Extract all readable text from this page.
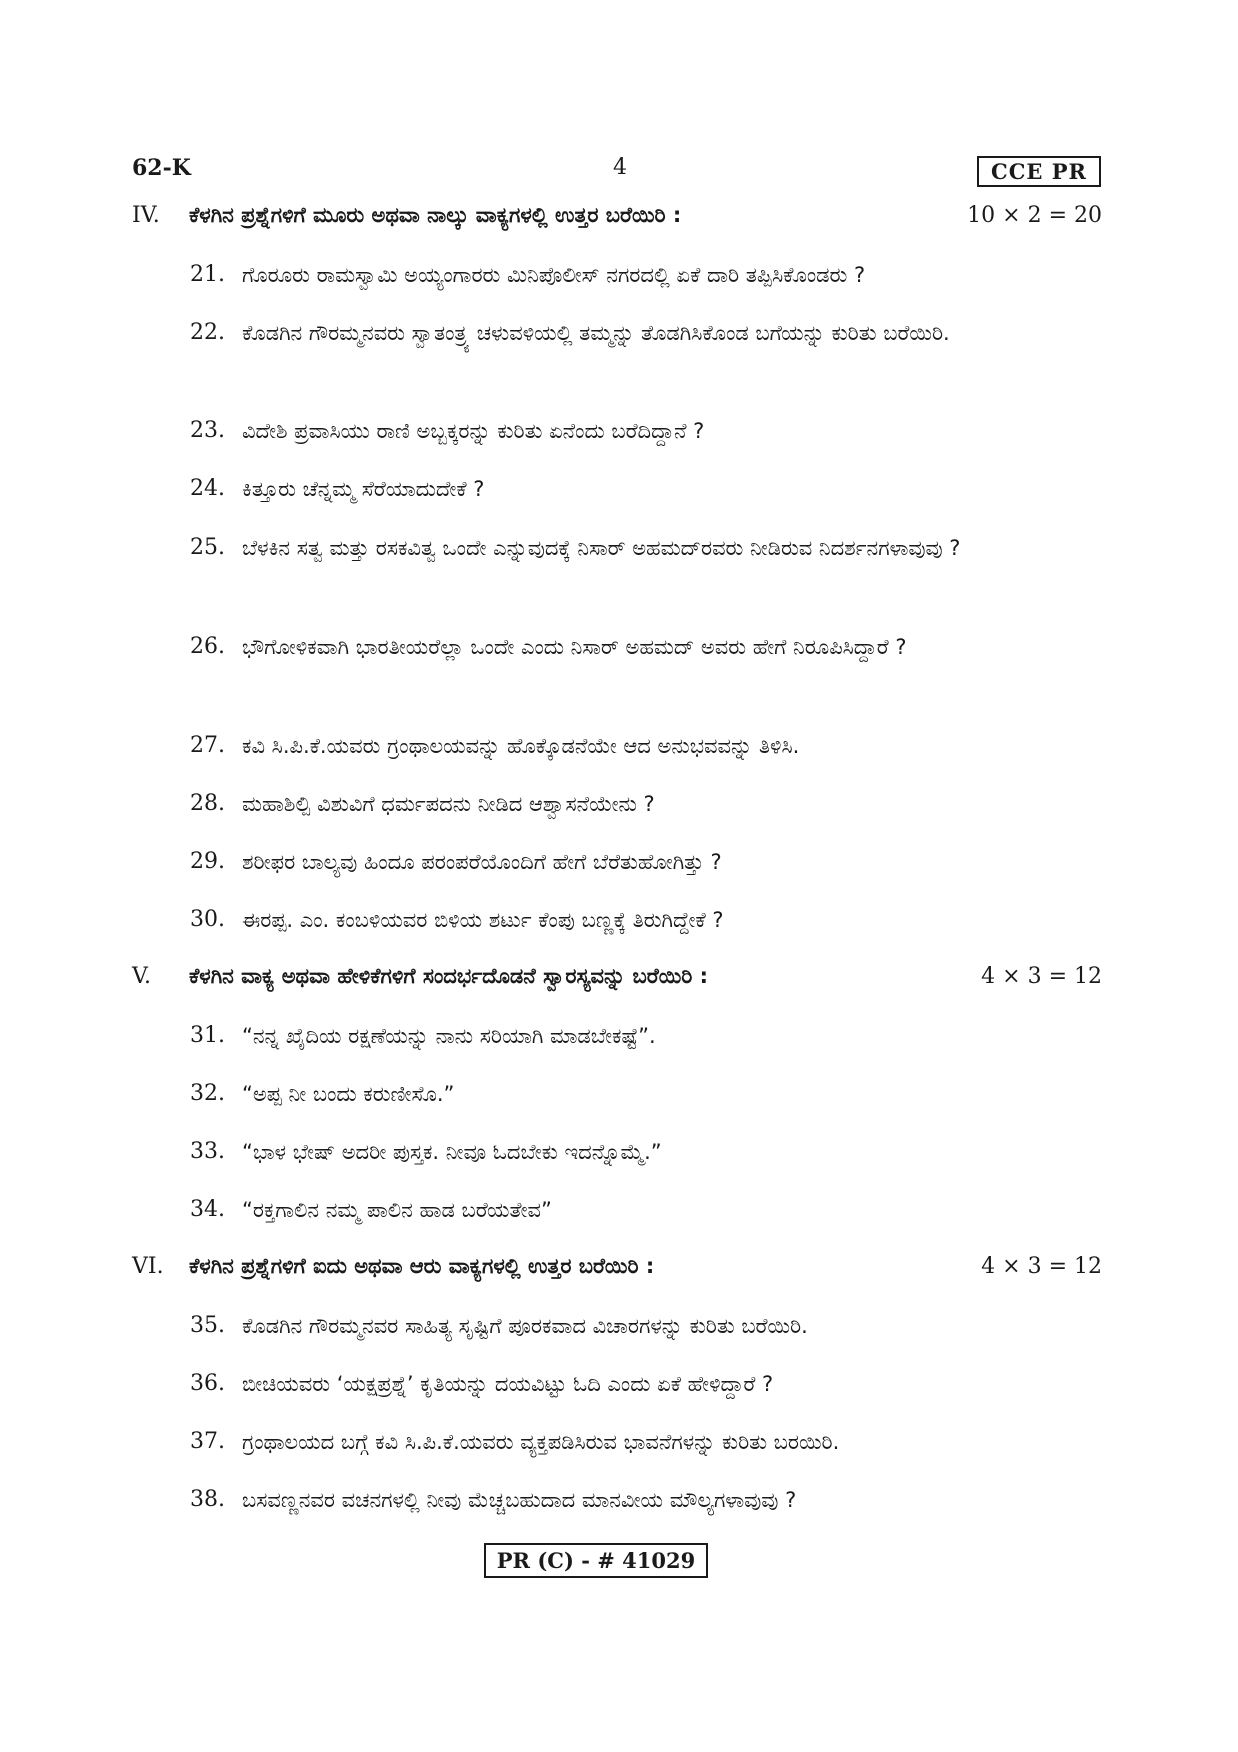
62-K	4	CCE PR
IV. ಕೆಳಗಿನ ಪ್ರಶ್ನೆಗಳಿಗೆ ಮೂರು ಅಥವಾ ನಾಲ್ಕು ವಾಕ್ಯಗಳಲ್ಲಿ ಉತ್ತರ ಬರೆಯಿರಿ :	10 × 2 = 20
21. ಗೊರೂರು ರಾಮಸ್ವಾಮಿ ಅಯ್ಯಂಗಾರರು ಮಿನಿಪೊಲೀಸ್ ನಗರದಲ್ಲಿ ಏಕೆ ದಾರಿ ತಪ್ಪಿಸಿಕೊಂಡರು ?
22. ಕೊಡಗಿನ ಗೌರಮ್ಮನವರು ಸ್ವಾತಂತ್ರ್ಯ ಚಳುವಳಿಯಲ್ಲಿ ತಮ್ಮನ್ನು ತೊಡಗಿಸಿಕೊಂಡ ಬಗೆಯನ್ನು ಕುರಿತು ಬರೆಯಿರಿ.
23. ವಿದೇಶಿ ಪ್ರವಾಸಿಯು ರಾಣಿ ಅಬ್ಬಕ್ಕರನ್ನು ಕುರಿತು ಏನೆಂದು ಬರೆದಿದ್ದಾನೆ ?
24. ಕಿತ್ತೂರು ಚೆನ್ನಮ್ಮ ಸೆರೆಯಾದುದೇಕೆ ?
25. ಬೆಳಕಿನ ಸತ್ವ ಮತ್ತು ರಸಕವಿತ್ವ ಒಂದೇ ಎನ್ನುವುದಕ್ಕೆ ನಿಸಾರ್ ಅಹಮದ್‌ರವರು ನೀಡಿರುವ ನಿದರ್ಶನಗಳಾವುವು ?
26. ಭೌಗೋಳಿಕವಾಗಿ ಭಾರತೀಯರೆಲ್ಲಾ ಒಂದೇ ಎಂದು ನಿಸಾರ್ ಅಹಮದ್ ಅವರು ಹೇಗೆ ನಿರೂಪಿಸಿದ್ದಾರೆ ?
27. ಕವಿ ಸಿ.ಪಿ.ಕೆ.ಯವರು ಗ್ರಂಥಾಲಯವನ್ನು ಹೊಕ್ಕೊಡನೆಯೇ ಆದ ಅನುಭವವನ್ನು ತಿಳಿಸಿ.
28. ಮಹಾಶಿಲ್ಪಿ ವಿಶುವಿಗೆ ಧರ್ಮಪದನು ನೀಡಿದ ಆಶ್ವಾಸನೆಯೇನು ?
29. ಶರೀಫರ ಬಾಲ್ಯವು ಹಿಂದೂ ಪರಂಪರೆಯೊಂದಿಗೆ ಹೇಗೆ ಬೆರೆತುಹೋಗಿತ್ತು ?
30. ಈರಪ್ಪ. ಎಂ. ಕಂಬಳಿಯವರ ಬಿಳಿಯ ಶರ್ಟು ಕೆಂಪು ಬಣ್ಣಕ್ಕೆ ತಿರುಗಿದ್ದೇಕೆ ?
V. ಕೆಳಗಿನ ವಾಕ್ಯ ಅಥವಾ ಹೇಳಿಕೆಗಳಿಗೆ ಸಂದರ್ಭದೊಡನೆ ಸ್ವಾರಸ್ಯವನ್ನು ಬರೆಯಿರಿ :	4 × 3 = 12
31. “ನನ್ನ ಖೈದಿಯ ರಕ್ಷಣೆಯನ್ನು ನಾನು ಸರಿಯಾಗಿ ಮಾಡಬೇಕಷ್ಟೆ”.
32. “ಅಪ್ಪ ನೀ ಬಂದು ಕರುಣೀಸೊ.”
33. “ಭಾಳ ಭೇಷ್ ಅದರೀ ಪುಸ್ತಕ. ನೀವೂ ಓದಬೇಕು ಇದನ್ನೊಮ್ಮೆ.”
34. “ರಕ್ತಗಾಲಿನ ನಮ್ಮ ಪಾಲಿನ ಹಾಡ ಬರೆಯತೇವ”
VI. ಕೆಳಗಿನ ಪ್ರಶ್ನೆಗಳಿಗೆ ಐದು ಅಥವಾ ಆರು ವಾಕ್ಯಗಳಲ್ಲಿ ಉತ್ತರ ಬರೆಯಿರಿ :	4 × 3 = 12
35. ಕೊಡಗಿನ ಗೌರಮ್ಮನವರ ಸಾಹಿತ್ಯ ಸೃಷ್ಟಿಗೆ ಪೂರಕವಾದ ವಿಚಾರಗಳನ್ನು ಕುರಿತು ಬರೆಯಿರಿ.
36. ಬೀಚಿಯವರು ‘ಯಕ್ಷಪ್ರಶ್ನೆ’ ಕೃತಿಯನ್ನು ದಯವಿಟ್ಟು ಓದಿ ಎಂದು ಏಕೆ ಹೇಳಿದ್ದಾರೆ ?
37. ಗ್ರಂಥಾಲಯದ ಬಗ್ಗೆ ಕವಿ ಸಿ.ಪಿ.ಕೆ.ಯವರು ವ್ಯಕ್ತಪಡಿಸಿರುವ ಭಾವನೆಗಳನ್ನು ಕುರಿತು ಬರಯಿರಿ.
38. ಬಸವಣ್ಣನವರ ವಚನಗಳಲ್ಲಿ ನೀವು ಮೆಚ್ಚಬಹುದಾದ ಮಾನವೀಯ ಮೌಲ್ಯಗಳಾವುವು ?
PR (C) - # 41029
